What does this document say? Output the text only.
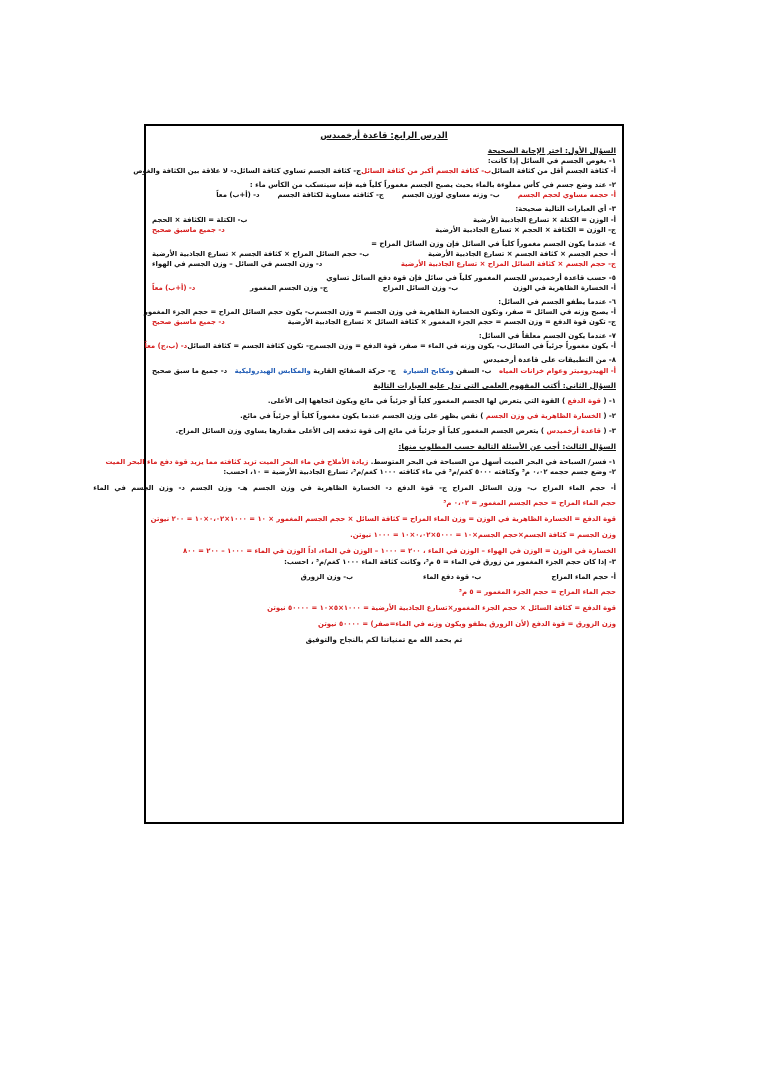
الدرس الرابع: قاعدة أرخميدس
السؤال الأول: اختر الإجابة الصحيحة
١- يغوص الجسم في السائل إذا كانت:
أ- كثافة الجسم أقل من كثافة السائل
ب- كثافة الجسم أكبر من كثافة السائل
ج- كثافة الجسم تساوي كثافة السائل
د- لا علاقة بين الكثافة والغوص
٢- عند وضع جسم في كأس مملوءة بالماء بحيث يصبح الجسم مغموراً كلياً فيه فإنه سينسكب من الكأس ماء :
أ- حجمه مساوي لحجم الجسم
ب- وزنه مساوي لوزن الجسم
ج- كثافته مساوية لكثافة الجسم
د- (أ+ب) معاً
٣- أي العبارات التالية صحيحة:
أ- الوزن = الكتلة × تسارع الجاذبية الأرضية
ب- الكتلة = الكثافة × الحجم
ج- الوزن = الكثافة × الحجم × تسارع الجاذبية الأرضية
د- جميع ماسبق صحيح
٤- عندما يكون الجسم مغموراً كلياً في السائل فإن وزن السائل المزاح =
أ- حجم الجسم × كثافة الجسم × تسارع الجاذبية الأرضية
ب- حجم السائل المزاح × كثافة الجسم × تسارع الجاذبية الأرضية
ج- حجم الجسم × كثافة السائل المزاح × تسارع الجاذبية الأرضية
د- وزن الجسم في السائل – وزن الجسم في الهواء
٥- حسب قاعدة أرخميدس للجسم المغمور كلياً في سائل فإن قوة دفع السائل تساوي
أ- الخسارة الظاهرية في الوزن
ب- وزن السائل المزاح
ج- وزن الجسم المغمور
د- (أ+ب) معاً
٦- عندما يطفو الجسم في السائل:
أ- يصبح وزنه في السائل = صفر، وتكون الخسارة الظاهرية في وزن الجسم = وزن الجسم
ب- يكون حجم السائل المزاح = حجم الجزء المغمور
ج- تكون قوة الدفع = وزن الجسم = حجم الجزء المغمور × كثافة السائل × تسارع الجاذبية الأرضية
د- جميع ماسبق صحيح
٧- عندما يكون الجسم معلقاً في السائل:
أ- يكون مغموراً جزئياً في السائل
ب- يكون وزنه في الماء = صفر، قوة الدفع = وزن الجسم
ج- تكون كثافة الجسم = كثافة السائل
د- (ب،ج) معاً
٨- من التطبيقات على قاعدة أرخميدس
أ- الهيدروميتر وعوام خزانات المياه
ب- السفن ومكابح السيارة
ج- حركة الصفائح القارية والمكابس الهيدروليكية
د- جميع ما سبق صحيح
السؤال الثاني: أكتب المفهوم العلمي التي تدل عليه العبارات التالية
١- ( قوة الدفع ) القوة التي يتعرض لها الجسم المغمور كلياً أو جزئياً في مائع ويكون اتجاهها إلى الأعلى.
٢- ( الخسارة الظاهرية في وزن الجسم ) نقص يظهر على وزن الجسم عندما يكون مغموراً كلياً أو جزئياً في مائع.
٣- ( قاعدة أرخميدس ) يتعرض الجسم المغمور كلياً أو جزئياً في مائع إلى قوة تدفعه إلى الأعلى مقدارها يساوي وزن السائل المزاح.
السؤال الثالث: أجب عن الأسئلة التالية حسب المطلوب منها:
١- فسر/ السباحة في البحر الميت أسهل من السباحة في البحر المتوسط. زيادة الأملاح في ماء البحر الميت تزيد كثافته مما يزيد قوة دفع ماء البحر الميت
٢- وضع جسم حجمه ٠،٠٢ م³ وكثافته ٥٠٠٠ كغم/م³ في ماء كثافته ١٠٠٠ كغم/م³، تسارع الجاذبية الأرضية = ١٠، احسب:
أ- حجم الماء المزاح ب- وزن السائل المزاح ج- قوة الدفع د- الخسارة الظاهرية في وزن الجسم هـ- وزن الجسم د- وزن الجسم في الماء
حجم الماء المزاح = حجم الجسم المغمور = ٠،٠٢ م³
قوة الدفع = الخسارة الظاهرية في الوزن = وزن الماء المزاح = كثافة السائل × حجم الجسم المغمور × ١٠ = ١٠٠٠×٠،٠٢×١٠ = ٢٠٠ نيوتن
وزن الجسم = كثافة الجسم×حجم الجسم×١٠ = ٥٠٠٠×٠،٠٢×١٠ = ١٠٠٠ نيوتن.
الخسارة في الوزن = الوزن في الهواء – الوزن في الماء ، ٢٠٠ = ١٠٠٠ – الوزن في الماء، اذاً الوزن في الماء = ١٠٠٠ – ٢٠٠ = ٨٠٠
٣- إذا كان حجم الجزء المغمور من زورق في الماء = ٥ م³، وكانت كثافة الماء ١٠٠٠ كغم/م³ ، احسب:
أ- حجم الماء المزاح
ب- قوة دفع الماء
ب- وزن الزورق
حجم الماء المزاح = حجم الجزء المغمور = ٥ م³
قوة الدفع = كثافة السائل × حجم الجزء المغمور×تسارع الجاذبية الأرضية = ١٠٠٠×٥×١٠ = ٥٠٠٠٠ نيوتن
وزن الزورق = قوة الدفع (لأن الزورق يطفو ويكون وزنه في الماء=صفر) = ٥٠٠٠٠ نيوتن
تم بحمد الله مع تمنياتنا لكم بالنجاح والتوفيق
